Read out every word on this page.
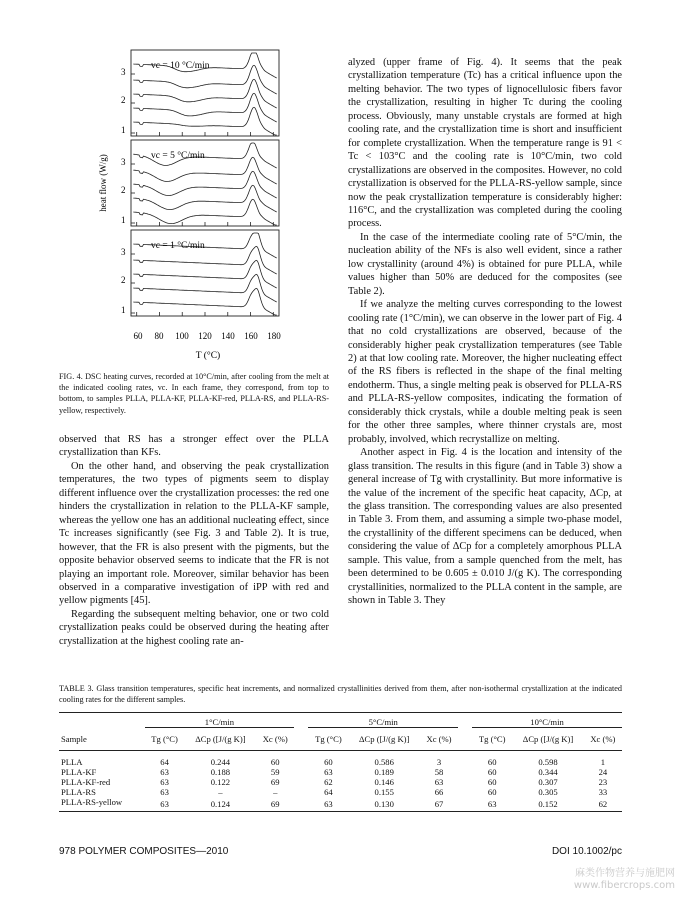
vc = 10 °C/min
vc = 5 °C/min
vc = 1 °C/min
3
2
1
3
2
1
3
2
1
60 80 100 120 140 160 180
T (°C)
heat flow (W/g)
FIG. 4. DSC heating curves, recorded at 10°C/min, after cooling from the melt at the indicated cooling rates, vc. In each frame, they correspond, from top to bottom, to samples PLLA, PLLA-KF, PLLA-KF-red, PLLA-RS, and PLLA-RS-yellow, respectively.

observed that RS has a stronger effect over the PLLA crystallization than KFs.

On the other hand, and observing the peak crystallization temperatures, the two types of pigments seem to display different influence over the crystallization processes: the red one hinders the crystallization in relation to the PLLA-KF sample, whereas the yellow one has an additional nucleating effect, since Tc increases significantly (see Fig. 3 and Table 2). It is true, however, that the FR is also present with the pigments, but the opposite behavior observed seems to indicate that the FR is not playing an important role. Moreover, similar behavior has been observed in a comparative investigation of iPP with red and yellow pigments [45].

Regarding the subsequent melting behavior, one or two cold crystallization peaks could be observed during the heating after crystallization at the highest cooling rate an-

alyzed (upper frame of Fig. 4). It seems that the peak crystallization temperature (Tc) has a critical influence upon the melting behavior. The two types of lignocellulosic fibers favor the crystallization, resulting in higher Tc during the cooling process. Obviously, many unstable crystals are formed at high cooling rate, and the crystallization time is short and insufficient for complete crystallization. When the temperature range is 91 < Tc < 103°C and the cooling rate is 10°C/min, two cold crystallizations are observed in the composites. However, no cold crystallization is observed for the PLLA-RS-yellow sample, since now the peak crystallization temperature is considerably higher: 116°C, and the crystallization was completed during the cooling process.

In the case of the intermediate cooling rate of 5°C/min, the nucleation ability of the NFs is also well evident, since a rather low crystallinity (around 4%) is obtained for pure PLLA, while values higher than 50% are deduced for the composites (see Table 2).

If we analyze the melting curves corresponding to the lowest cooling rate (1°C/min), we can observe in the lower part of Fig. 4 that no cold crystallizations are observed, because of the considerably higher peak crystallization temperatures (see Table 2) at that low cooling rate. Moreover, the higher nucleating effect of the RS fibers is reflected in the shape of the final melting endotherm. Thus, a single melting peak is observed for PLLA-RS and PLLA-RS-yellow composites, indicating the formation of considerably thick crystals, while a double melting peak is seen for the other three samples, where thinner crystals are, most probably, involved, which recrystallize on melting.

Another aspect in Fig. 4 is the location and intensity of the glass transition. The results in this figure (and in Table 3) show a general increase of Tg with crystallinity. But more informative is the value of the increment of the specific heat capacity, ΔCp, at the glass transition. The corresponding values are also presented in Table 3. From them, and assuming a simple two-phase model, the crystallinity of the different specimens can be deduced, when considering the value of ΔCp for a completely amorphous PLLA sample. This value, from a sample quenched from the melt, has been determined to be 0.605 ± 0.010 J/(g K). The corresponding crystallinities, normalized to the PLLA content in the sample, are shown in Table 3. They

TABLE 3. Glass transition temperatures, specific heat increments, and normalized crystallinities derived from them, after non-isothermal crystallization at the indicated cooling rates for the different samples.
	1°C/min				5°C/min				10°C/min		
Sample	Tg (°C)	ΔCp ([J/(g K)]	Xc (%)		Tg (°C)	ΔCp ([J/(g K)]	Xc (%)		Tg (°C)	ΔCp ([J/(g K)]	Xc (%)
PLLA	64	0.244	60		60	0.586	3		60	0.598	1
PLLA-KF	63	0.188	59		63	0.189	58		60	0.344	24
PLLA-KF-red	63	0.122	69		62	0.146	63		60	0.307	23
PLLA-RS	63	–	–		64	0.155	66		60	0.305	33
PLLA-RS-yellow	63	0.124	69		63	0.130	67		63	0.152	62
978 POLYMER COMPOSITES—2010	DOI 10.1002/pc
麻类作物营养与施肥网
www.fibercrops.com
